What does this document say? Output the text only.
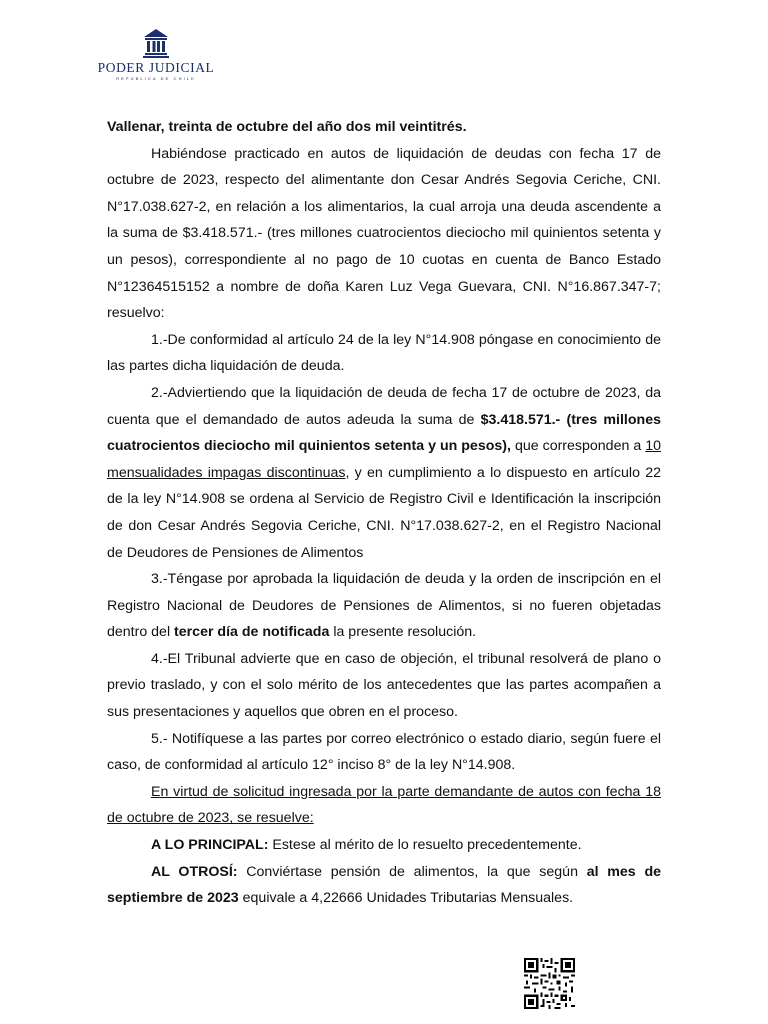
PODER JUDICIAL
REPÚBLICA DE CHILE

Vallenar, treinta de octubre del año dos mil veintitrés.

Habiéndose practicado en autos de liquidación de deudas con fecha 17 de octubre de 2023, respecto del alimentante don Cesar Andrés Segovia Ceriche, CNI. N°17.038.627-2, en relación a los alimentarios, la cual arroja una deuda ascendente a la suma de $3.418.571.- (tres millones cuatrocientos dieciocho mil quinientos setenta y un pesos), correspondiente al no pago de 10 cuotas en cuenta de Banco Estado N°12364515152 a nombre de doña Karen Luz Vega Guevara, CNI. N°16.867.347-7; resuelvo:

1.-De conformidad al artículo 24 de la ley N°14.908 póngase en conocimiento de las partes dicha liquidación de deuda.

2.-Adviertiendo que la liquidación de deuda de fecha 17 de octubre de 2023, da cuenta que el demandado de autos adeuda la suma de $3.418.571.- (tres millones cuatrocientos dieciocho mil quinientos setenta y un pesos), que corresponden a 10 mensualidades impagas discontinuas, y en cumplimiento a lo dispuesto en artículo 22 de la ley N°14.908 se ordena al Servicio de Registro Civil e Identificación la inscripción de don Cesar Andrés Segovia Ceriche, CNI. N°17.038.627-2, en el Registro Nacional de Deudores de Pensiones de Alimentos

3.-Téngase por aprobada la liquidación de deuda y la orden de inscripción en el Registro Nacional de Deudores de Pensiones de Alimentos, si no fueren objetadas dentro del tercer día de notificada la presente resolución.

4.-El Tribunal advierte que en caso de objeción, el tribunal resolverá de plano o previo traslado, y con el solo mérito de los antecedentes que las partes acompañen a sus presentaciones y aquellos que obren en el proceso.

5.- Notifíquese a las partes por correo electrónico o estado diario, según fuere el caso, de conformidad al artículo 12° inciso 8° de la ley N°14.908.

En virtud de solicitud ingresada por la parte demandante de autos con fecha 18 de octubre de 2023, se resuelve:

A LO PRINCIPAL: Estese al mérito de lo resuelto precedentemente.

AL OTROSÍ: Conviértase pensión de alimentos, la que según al mes de septiembre de 2023 equivale a 4,22666 Unidades Tributarias Mensuales.
